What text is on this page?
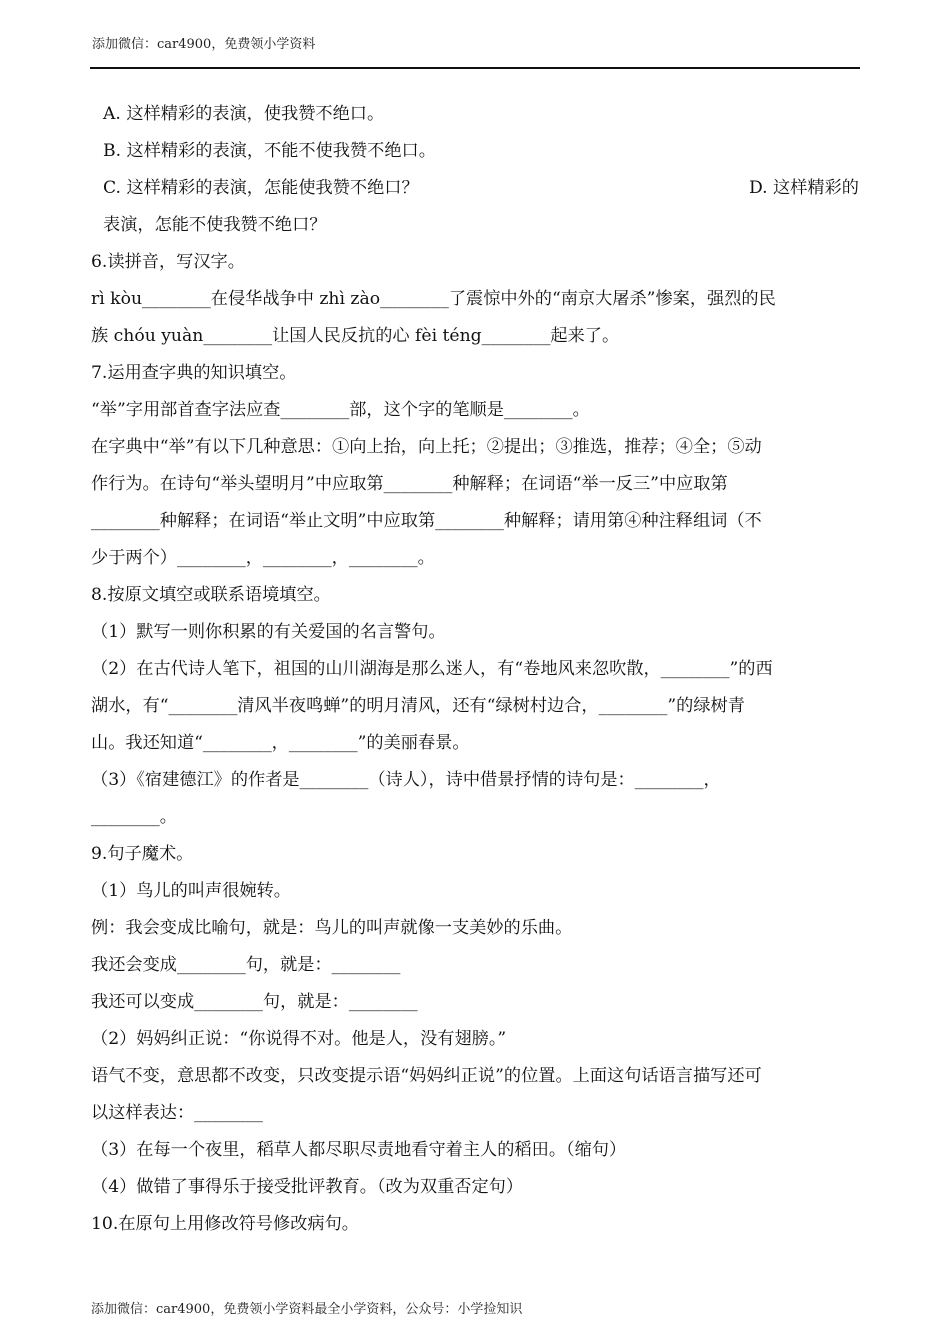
添加微信：car4900，免费领小学资料
A. 这样精彩的表演，使我赞不绝口。
B. 这样精彩的表演，不能不使我赞不绝口。
C. 这样精彩的表演，怎能使我赞不绝口？	D. 这样精彩的
表演，怎能不使我赞不绝口？
6.读拼音，写汉字。
rì kòu________在侵华战争中 zhì zào________了震惊中外的“南京大屠杀”惨案，强烈的民
族 chóu yuàn________让国人民反抗的心 fèi téng________起来了。
7.运用查字典的知识填空。
“举”字用部首查字法应查________部，这个字的笔顺是________。
在字典中“举”有以下几种意思：①向上抬，向上托；②提出；③推选，推荐；④全；⑤动
作行为。在诗句“举头望明月”中应取第________种解释；在词语“举一反三”中应取第
________种解释；在词语“举止文明”中应取第________种解释；请用第④种注释组词（不
少于两个）________，________，________。
8.按原文填空或联系语境填空。
（1）默写一则你积累的有关爱国的名言警句。
（2）在古代诗人笔下，祖国的山川湖海是那么迷人，有“卷地风来忽吹散，________”的西
湖水，有“________清风半夜鸣蝉”的明月清风，还有“绿树村边合，________”的绿树青
山。我还知道“________，________”的美丽春景。
（3）《宿建德江》的作者是________（诗人），诗中借景抒情的诗句是：________，
________。
9.句子魔术。
（1）鸟儿的叫声很婉转。
例：我会变成比喻句，就是：鸟儿的叫声就像一支美妙的乐曲。
我还会变成________句，就是：________
我还可以变成________句，就是：________
（2）妈妈纠正说：“你说得不对。他是人，没有翅膀。”
语气不变，意思都不改变，只改变提示语“妈妈纠正说”的位置。上面这句话语言描写还可
以这样表达：________
（3）在每一个夜里，稻草人都尽职尽责地看守着主人的稻田。（缩句）
（4）做错了事得乐于接受批评教育。（改为双重否定句）
10.在原句上用修改符号修改病句。
添加微信：car4900，免费领小学资料最全小学资料，公众号：小学捡知识
